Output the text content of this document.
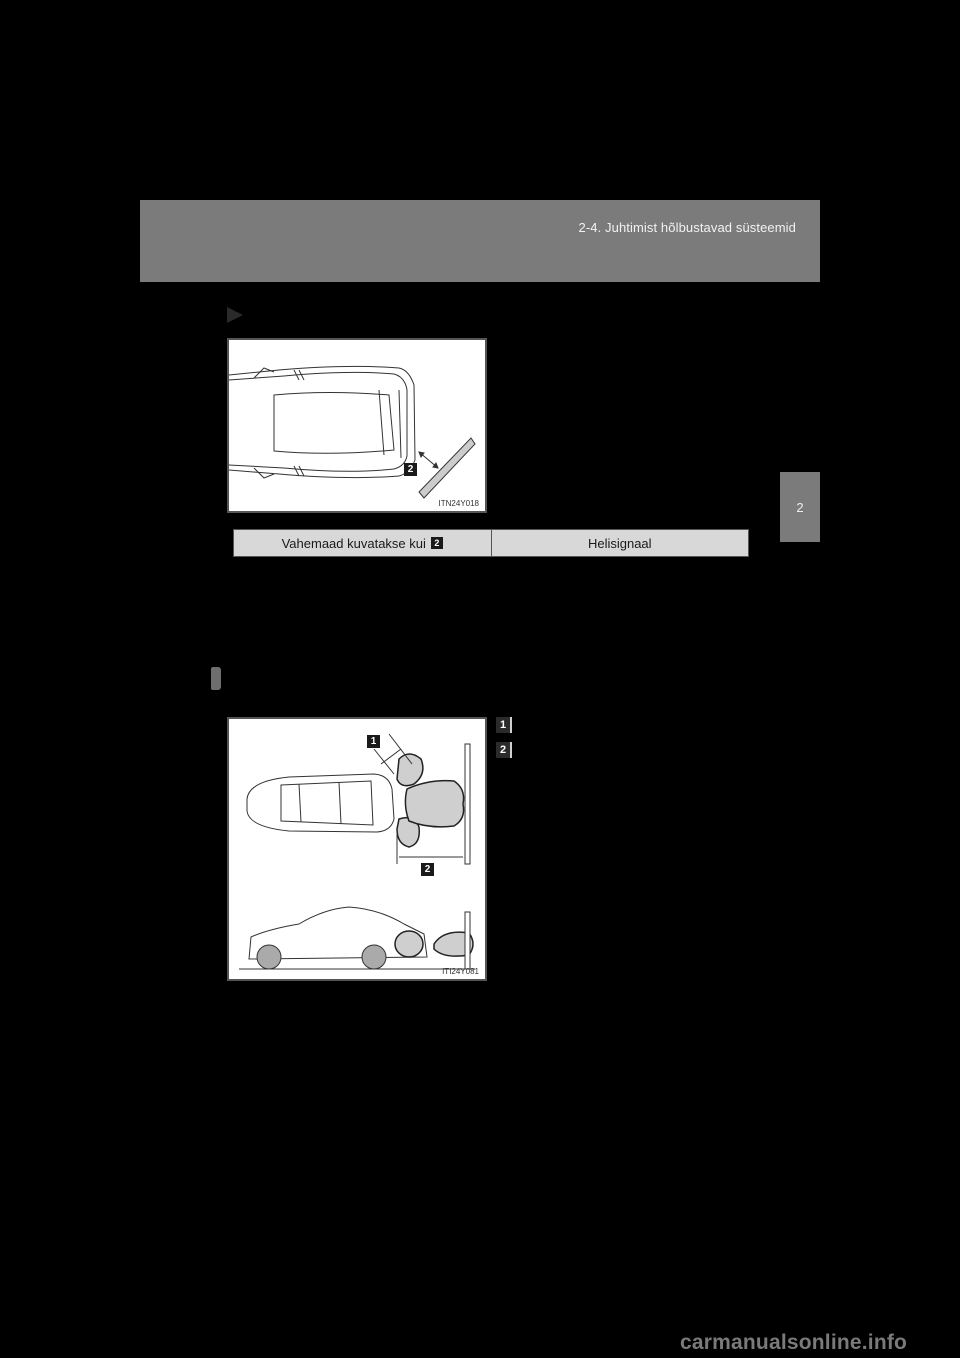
2-4. Juhtimist hõlbustavad süsteemid
2
2
ITN24Y018
Vahemaad kuvatakse kui 2	Helisignaal
1
2
ITI24Y081
1
2
carmanualsonline.info
